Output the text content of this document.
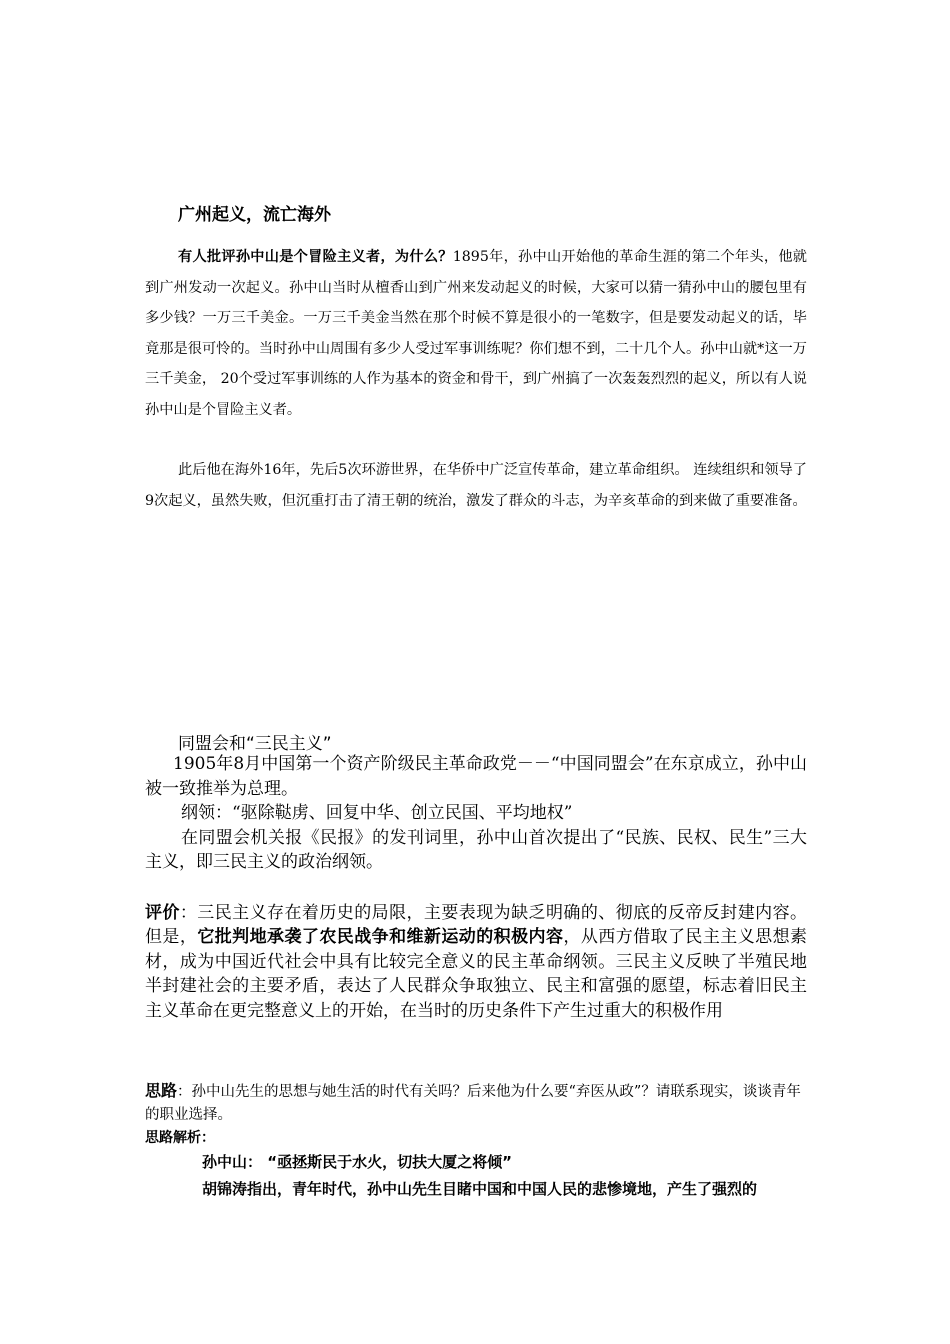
广州起义，流亡海外

有人批评孙中山是个冒险主义者，为什么？1895年，孙中山开始他的革命生涯的第二个年头，他就到广州发动一次起义。孙中山当时从檀香山到广州来发动起义的时候，大家可以猜一猜孙中山的腰包里有多少钱？一万三千美金。一万三千美金当然在那个时候不算是很小的一笔数字，但是要发动起义的话，毕竟那是很可怜的。当时孙中山周围有多少人受过军事训练呢？你们想不到，二十几个人。孙中山就*这一万三千美金， 20个受过军事训练的人作为基本的资金和骨干，到广州搞了一次轰轰烈烈的起义，所以有人说孙中山是个冒险主义者。

此后他在海外16年，先后5次环游世界，在华侨中广泛宣传革命，建立革命组织。 连续组织和领导了9次起义，虽然失败，但沉重打击了清王朝的统治，激发了群众的斗志，为辛亥革命的到来做了重要准备。

同盟会和“三民主义”

1905年8月中国第一个资产阶级民主革命政党－－“中国同盟会”在东京成立，孙中山被一致推举为总理。

纲领：“驱除鞑虏、回复中华、创立民国、平均地权”

在同盟会机关报《民报》的发刊词里，孙中山首次提出了“民族、民权、民生”三大主义，即三民主义的政治纲领。

评价：三民主义存在着历史的局限，主要表现为缺乏明确的、彻底的反帝反封建内容。但是，它批判地承袭了农民战争和维新运动的积极内容，从西方借取了民主主义思想素材，成为中国近代社会中具有比较完全意义的民主革命纲领。三民主义反映了半殖民地半封建社会的主要矛盾，表达了人民群众争取独立、民主和富强的愿望，标志着旧民主主义革命在更完整意义上的开始，在当时的历史条件下产生过重大的积极作用

思路：孙中山先生的思想与她生活的时代有关吗？后来他为什么要“弃医从政”？请联系现实，谈谈青年的职业选择。

思路解析：

孙中山： “亟拯斯民于水火，切扶大厦之将倾”
胡锦涛指出，青年时代，孙中山先生目睹中国和中国人民的悲惨境地，产生了强烈的
